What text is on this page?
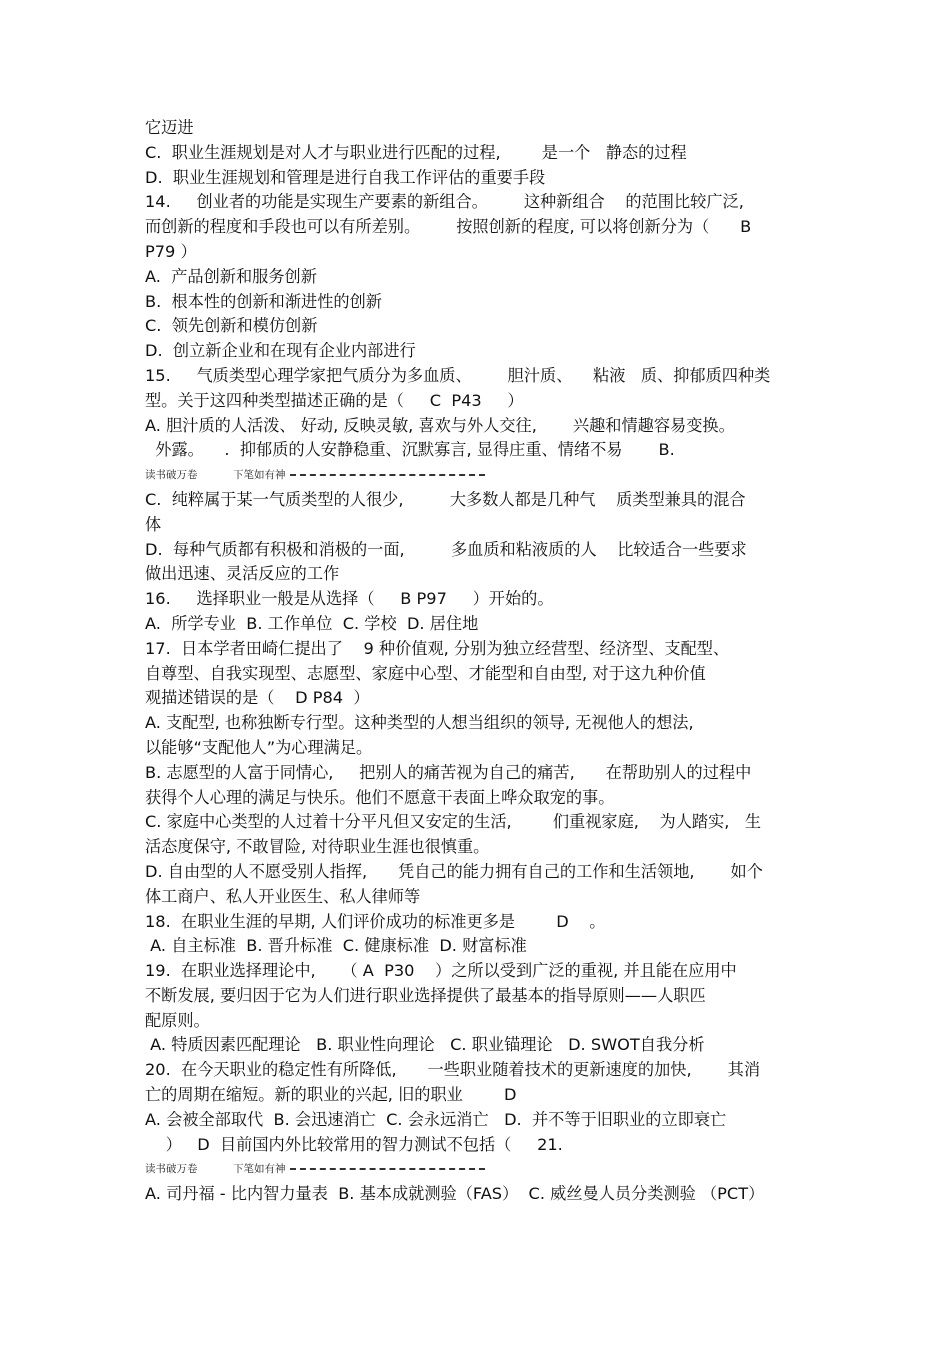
它迈进
C.  职业生涯规划是对人才与职业进行匹配的过程,        是一个   静态的过程
D.  职业生涯规划和管理是进行自我工作评估的重要手段
14.     创业者的功能是实现生产要素的新组合。       这种新组合    的范围比较广泛,
而创新的程度和手段也可以有所差别。       按照创新的程度, 可以将创新分为（      B
P79 ）
A.  产品创新和服务创新
B.  根本性的创新和渐进性的创新
C.  领先创新和模仿创新
D.  创立新企业和在现有企业内部进行
15.     气质类型心理学家把气质分为多血质、       胆汁质、    粘液   质、抑郁质四种类
型。关于这四种类型描述正确的是（     C  P43     ）
A. 胆汁质的人活泼、 好动, 反映灵敏, 喜欢与外人交往,       兴趣和情趣容易变换。
外露。    .  抑郁质的人安静稳重、沉默寡言, 显得庄重、情绪不易       B.

读书破万卷

	下笔如有神

C.  纯粹属于某一气质类型的人很少,         大多数人都是几种气    质类型兼具的混合
体
D.  每种气质都有积极和消极的一面,         多血质和粘液质的人    比较适合一些要求
做出迅速、灵活反应的工作
16.     选择职业一般是从选择（     B P97     ）开始的。
A.  所学专业  B. 工作单位  C. 学校  D. 居住地
17.  日本学者田崎仁提出了    9 种价值观, 分别为独立经营型、经济型、支配型、
自尊型、自我实现型、志愿型、家庭中心型、才能型和自由型, 对于这九种价值
观描述错误的是（    D P84  ）
A. 支配型, 也称独断专行型。这种类型的人想当组织的领导, 无视他人的想法,
以能够“支配他人”为心理满足。
B. 志愿型的人富于同情心,     把别人的痛苦视为自己的痛苦,      在帮助别人的过程中
获得个人心理的满足与快乐。他们不愿意干表面上哗众取宠的事。
C. 家庭中心类型的人过着十分平凡但又安定的生活,        们重视家庭,    为人踏实,   生
活态度保守, 不敢冒险, 对待职业生涯也很慎重。
D. 自由型的人不愿受别人指挥,      凭自己的能力拥有自己的工作和生活领地,       如个
体工商户、私人开业医生、私人律师等
18.  在职业生涯的早期, 人们评价成功的标准更多是        D    。
A. 自主标准  B. 晋升标准  C. 健康标准  D. 财富标准
19.  在职业选择理论中,     （ A  P30    ）之所以受到广泛的重视, 并且能在应用中
不断发展, 要归因于它为人们进行职业选择提供了最基本的指导原则——人职匹
配原则。
A. 特质因素匹配理论   B. 职业性向理论   C. 职业锚理论   D. SWOT自我分析
20.  在今天职业的稳定性有所降低,      一些职业随着技术的更新速度的加快,       其消
亡的周期在缩短。新的职业的兴起, 旧的职业        D
A. 会被全部取代  B. 会迅速消亡  C. 会永远消亡   D.  并不等于旧职业的立即衰亡
）   D  目前国内外比较常用的智力测试不包括（     21.

读书破万卷

	下笔如有神

A. 司丹福 - 比内智力量表  B. 基本成就测验（FAS）  C. 威丝曼人员分类测验 （PCT）
